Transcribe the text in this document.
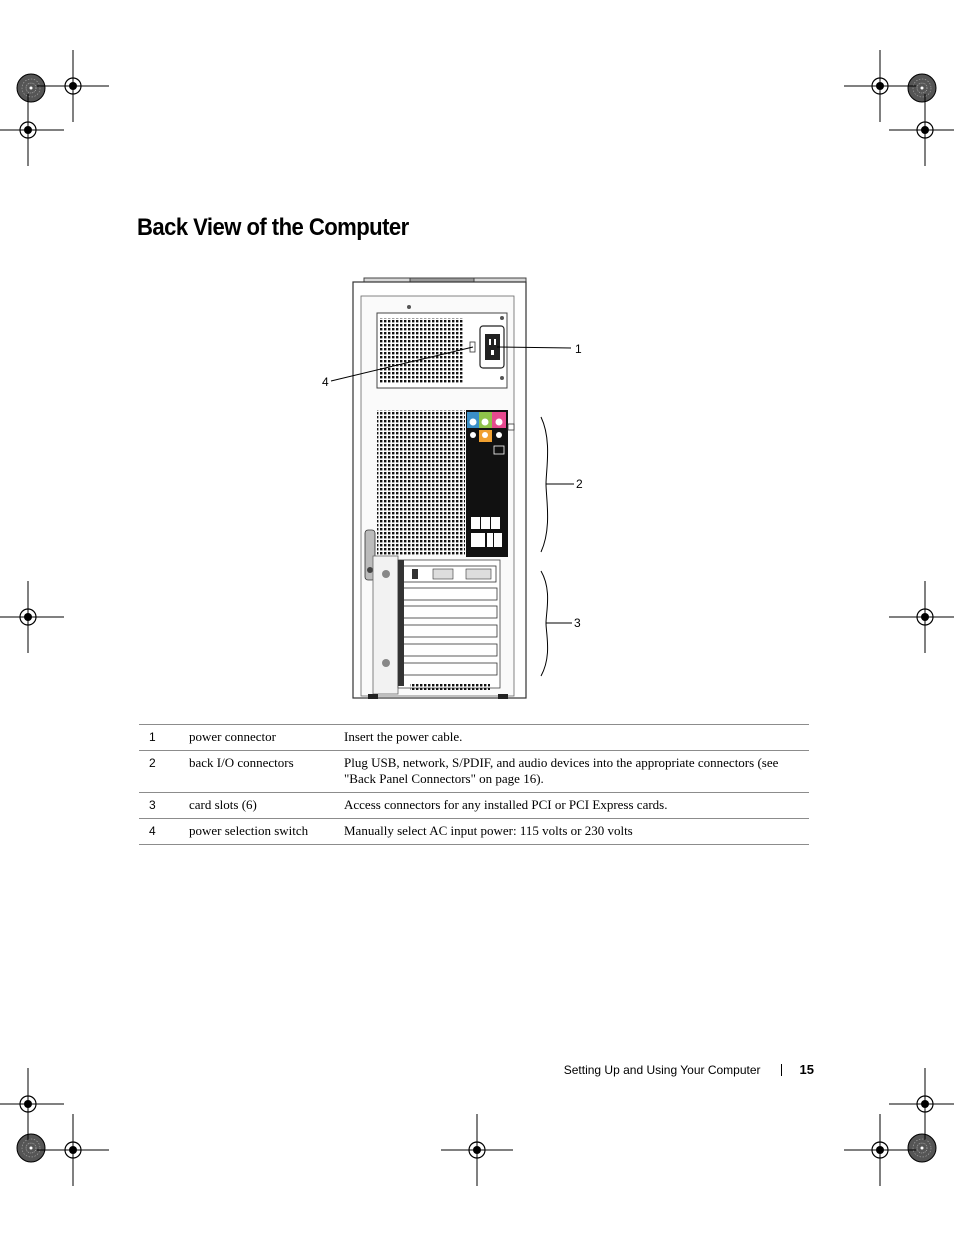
Back View of the Computer
1
2
3
4
1	power connector	Insert the power cable.
2	back I/O connectors	Plug USB, network, S/PDIF, and audio devices into the appropriate connectors (see "Back Panel Connectors" on page 16).
3	card slots (6)	Access connectors for any installed PCI or PCI Express cards.
4	power selection switch	Manually select AC input power: 115 volts or 230 volts
Setting Up and Using Your Computer	15
